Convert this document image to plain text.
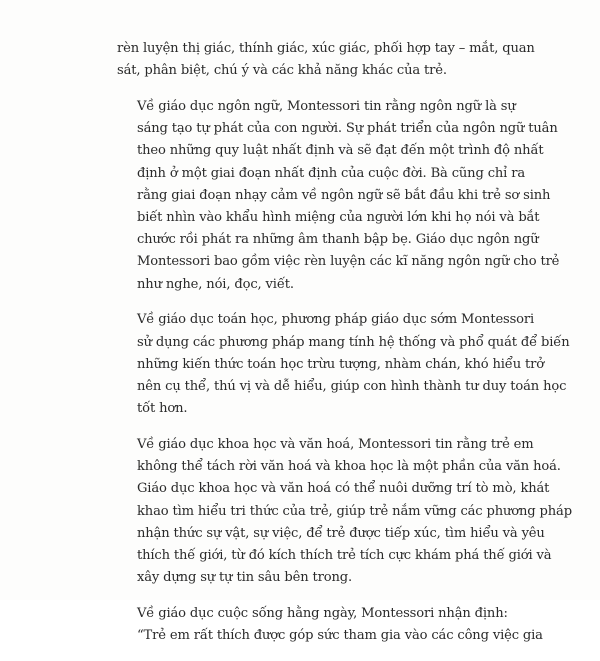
rèn luyện thị giác, thính giác, xúc giác, phối hợp tay – mắt, quan
sát, phân biệt, chú ý và các khả năng khác của trẻ.

Về giáo dục ngôn ngữ, Montessori tin rằng ngôn ngữ là sự
sáng tạo tự phát của con người. Sự phát triển của ngôn ngữ tuân
theo những quy luật nhất định và sẽ đạt đến một trình độ nhất
định ở một giai đoạn nhất định của cuộc đời. Bà cũng chỉ ra
rằng giai đoạn nhạy cảm về ngôn ngữ sẽ bắt đầu khi trẻ sơ sinh
biết nhìn vào khẩu hình miệng của người lớn khi họ nói và bắt
chước rồi phát ra những âm thanh bập bẹ. Giáo dục ngôn ngữ
Montessori bao gồm việc rèn luyện các kĩ năng ngôn ngữ cho trẻ
như nghe, nói, đọc, viết.

Về giáo dục toán học, phương pháp giáo dục sớm Montessori
sử dụng các phương pháp mang tính hệ thống và phổ quát để biến
những kiến thức toán học trừu tượng, nhàm chán, khó hiểu trở
nên cụ thể, thú vị và dễ hiểu, giúp con hình thành tư duy toán học
tốt hơn.

Về giáo dục khoa học và văn hoá, Montessori tin rằng trẻ em
không thể tách rời văn hoá và khoa học là một phần của văn hoá.
Giáo dục khoa học và văn hoá có thể nuôi dưỡng trí tò mò, khát
khao tìm hiểu tri thức của trẻ, giúp trẻ nắm vững các phương pháp
nhận thức sự vật, sự việc, để trẻ được tiếp xúc, tìm hiểu và yêu
thích thế giới, từ đó kích thích trẻ tích cực khám phá thế giới và
xây dựng sự tự tin sâu bên trong.

Về giáo dục cuộc sống hằng ngày, Montessori nhận định:
“Trẻ em rất thích được góp sức tham gia vào các công việc gia
